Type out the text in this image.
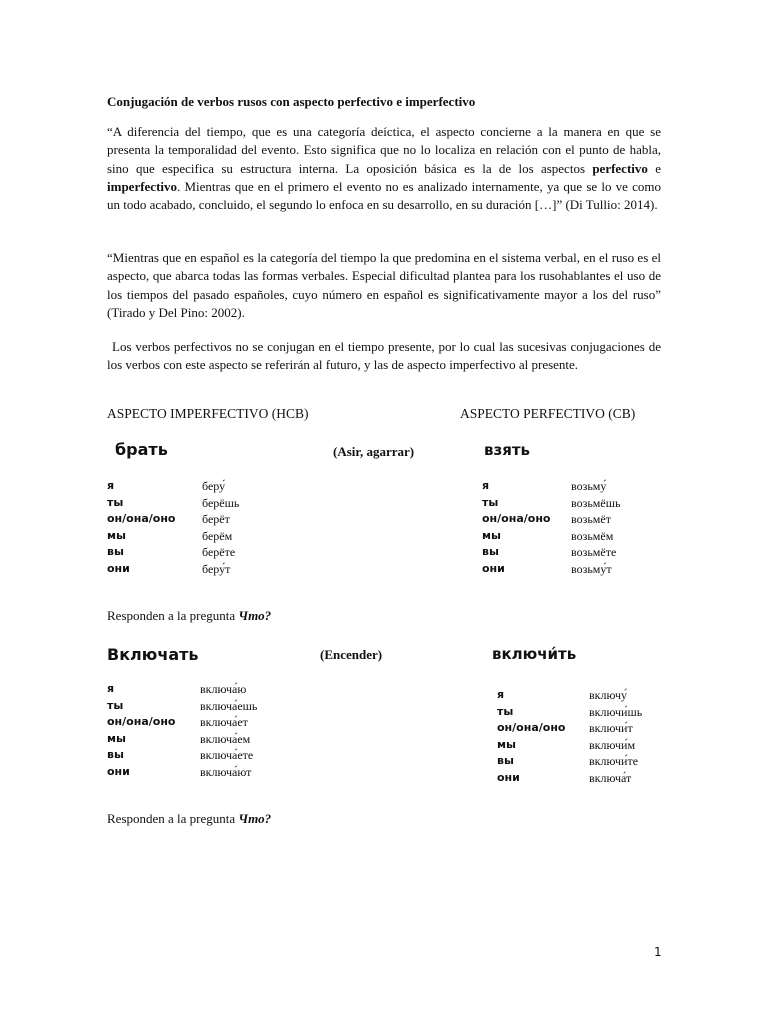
Conjugación de verbos rusos con aspecto perfectivo e imperfectivo
“A diferencia del tiempo, que es una categoría deíctica, el aspecto concierne a la manera en que se presenta la temporalidad del evento. Esto significa que no lo localiza en relación con el punto de habla, sino que especifica su estructura interna. La oposición básica es la de los aspectos perfectivo e imperfectivo. Mientras que en el primero el evento no es analizado internamente, ya que se lo ve como un todo acabado, concluido, el segundo lo enfoca en su desarrollo, en su duración […]” (Di Tullio: 2014).
“Mientras que en español es la categoría del tiempo la que predomina en el sistema verbal, en el ruso es el aspecto, que abarca todas las formas verbales. Especial dificultad plantea para los rusohablantes el uso de los tiempos del pasado españoles, cuyo número en español es significativamente mayor a los del ruso” (Tirado y Del Pino: 2002).
Los verbos perfectivos no se conjugan en el tiempo presente, por lo cual las sucesivas conjugaciones de los verbos con este aspecto se referirán al futuro, y las de aspecto imperfectivo al presente.
ASPECTO IMPERFECTIVO (НСВ)	ASPECTO PERFECTIVO (СВ)
брать	(Asir, agarrar)	взять
я	беру́
ты	берёшь
он/она/оно	берёт
мы	берём
вы	берёте
они	беру́т
я	возьму́
ты	возьмёшь
он/она/оно	возьмёт
мы	возьмём
вы	возьмёте
они	возьму́т
Responden a la pregunta Что?
Включать	(Encender)	включи́ть
я	включа́ю
ты	включа́ешь
он/она/оно	включа́ет
мы	включа́ем
вы	включа́ете
они	включа́ют
я	включу́
ты	включи́шь
он/она/оно	включи́т
мы	включи́м
вы	включи́те
они	включа́т
Responden a la pregunta Что?
1
